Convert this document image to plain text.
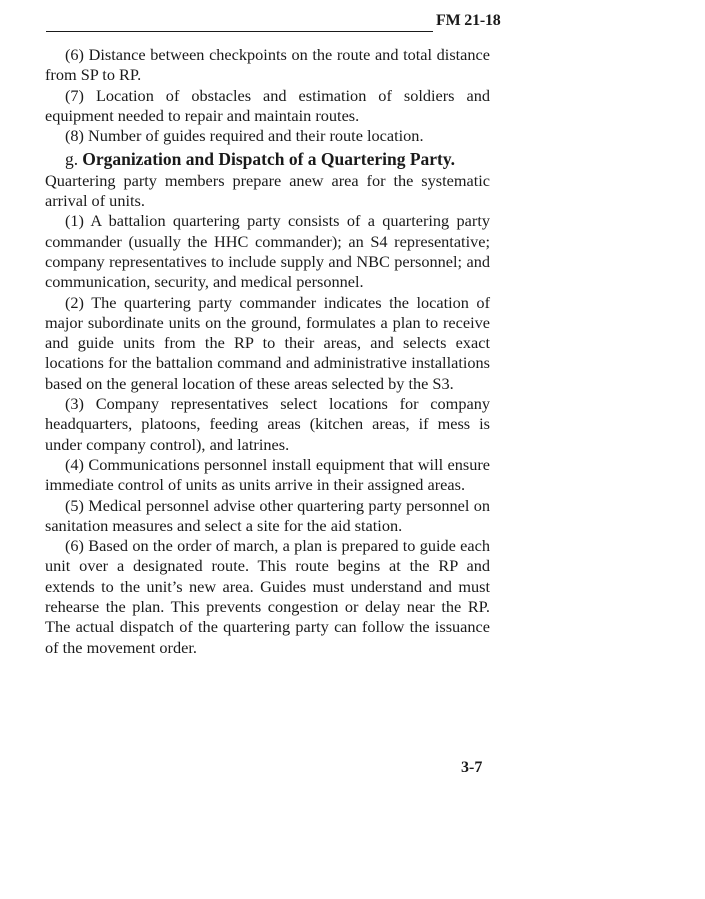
FM 21-18

(6) Distance between checkpoints on the route and total distance from SP to RP.

(7) Location of obstacles and estimation of soldiers and equipment needed to repair and maintain routes.

(8) Number of guides required and their route location.

g. Organization and Dispatch of a Quartering Party.

Quartering party members prepare anew area for the systematic arrival of units.

(1) A battalion quartering party consists of a quartering party commander (usually the HHC commander); an S4 representative; company representatives to include supply and NBC personnel; and communication, security, and medical personnel.

(2) The quartering party commander indicates the location of major subordinate units on the ground, formulates a plan to receive and guide units from the RP to their areas, and selects exact locations for the battalion command and administrative installations based on the general location of these areas selected by the S3.

(3) Company representatives select locations for company headquarters, platoons, feeding areas (kitchen areas, if mess is under company control), and latrines.

(4) Communications personnel install equipment that will ensure immediate control of units as units arrive in their assigned areas.

(5) Medical personnel advise other quartering party personnel on sanitation measures and select a site for the aid station.

(6) Based on the order of march, a plan is prepared to guide each unit over a designated route. This route begins at the RP and extends to the unit’s new area. Guides must understand and must rehearse the plan. This prevents congestion or delay near the RP. The actual dispatch of the quartering party can follow the issuance of the movement order.

3-7
